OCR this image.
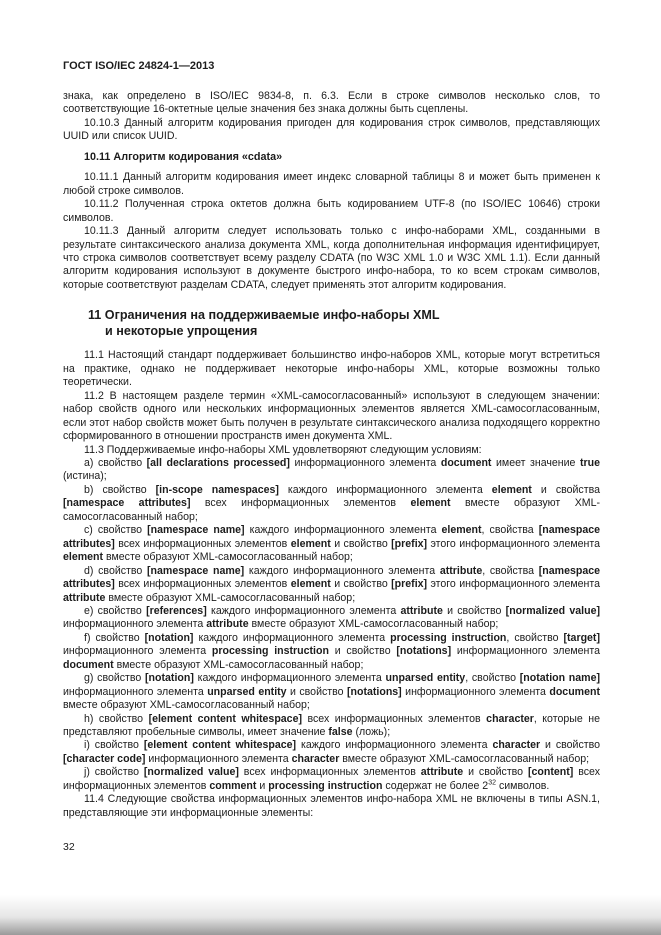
ГОСТ ISO/IEC 24824-1—2013
знака, как определено в ISO/IEC 9834-8, п. 6.3. Если в строке символов несколько слов, то соответствующие 16-октетные целые значения без знака должны быть сцеплены.
10.10.3 Данный алгоритм кодирования пригоден для кодирования строк символов, представляющих UUID или список UUID.
10.11 Алгоритм кодирования «cdata»
10.11.1 Данный алгоритм кодирования имеет индекс словарной таблицы 8 и может быть применен к любой строке символов.
10.11.2 Полученная строка октетов должна быть кодированием UTF-8 (по ISO/IEC 10646) строки символов.
10.11.3 Данный алгоритм следует использовать только с инфо-наборами XML, созданными в результате синтаксического анализа документа XML, когда дополнительная информация идентифицирует, что строка символов соответствует всему разделу CDATA (по W3C XML 1.0 и W3C XML 1.1). Если данный алгоритм кодирования используют в документе быстрого инфо-набора, то ко всем строкам символов, которые соответствуют разделам CDATA, следует применять этот алгоритм кодирования.
11 Ограничения на поддерживаемые инфо-наборы XML
и некоторые упрощения
11.1 Настоящий стандарт поддерживает большинство инфо-наборов XML, которые могут встретиться на практике, однако не поддерживает некоторые инфо-наборы XML, которые возможны только теоретически.
11.2 В настоящем разделе термин «XML-самосогласованный» используют в следующем значении: набор свойств одного или нескольких информационных элементов является XML-самосогласованным, если этот набор свойств может быть получен в результате синтаксического анализа подходящего корректно сформированного в отношении пространств имен документа XML.
11.3 Поддерживаемые инфо-наборы XML удовлетворяют следующим условиям:
a) свойство [all declarations processed] информационного элемента document имеет значение true (истина);
b) свойство [in-scope namespaces] каждого информационного элемента element и свойства [namespace attributes] всех информационных элементов element вместе образуют XML-самосогласованный набор;
c) свойство [namespace name] каждого информационного элемента element, свойства [namespace attributes] всех информационных элементов element и свойство [prefix] этого информационного элемента element вместе образуют XML-самосогласованный набор;
d) свойство [namespace name] каждого информационного элемента attribute, свойства [namespace attributes] всех информационных элементов element и свойство [prefix] этого информационного элемента attribute вместе образуют XML-самосогласованный набор;
e) свойство [references] каждого информационного элемента attribute и свойство [normalized value] информационного элемента attribute вместе образуют XML-самосогласованный набор;
f) свойство [notation] каждого информационного элемента processing instruction, свойство [target] информационного элемента processing instruction и свойство [notations] информационного элемента document вместе образуют XML-самосогласованный набор;
g) свойство [notation] каждого информационного элемента unparsed entity, свойство [notation name] информационного элемента unparsed entity и свойство [notations] информационного элемента document вместе образуют XML-самосогласованный набор;
h) свойство [element content whitespace] всех информационных элементов character, которые не представляют пробельные символы, имеет значение false (ложь);
i) свойство [element content whitespace] каждого информационного элемента character и свойство [character code] информационного элемента character вместе образуют XML-самосогласованный набор;
j) свойство [normalized value] всех информационных элементов attribute и свойство [content] всех информационных элементов comment и processing instruction содержат не более $2^{32}$ символов.
11.4 Следующие свойства информационных элементов инфо-набора XML не включены в типы ASN.1, представляющие эти информационные элементы:
32
